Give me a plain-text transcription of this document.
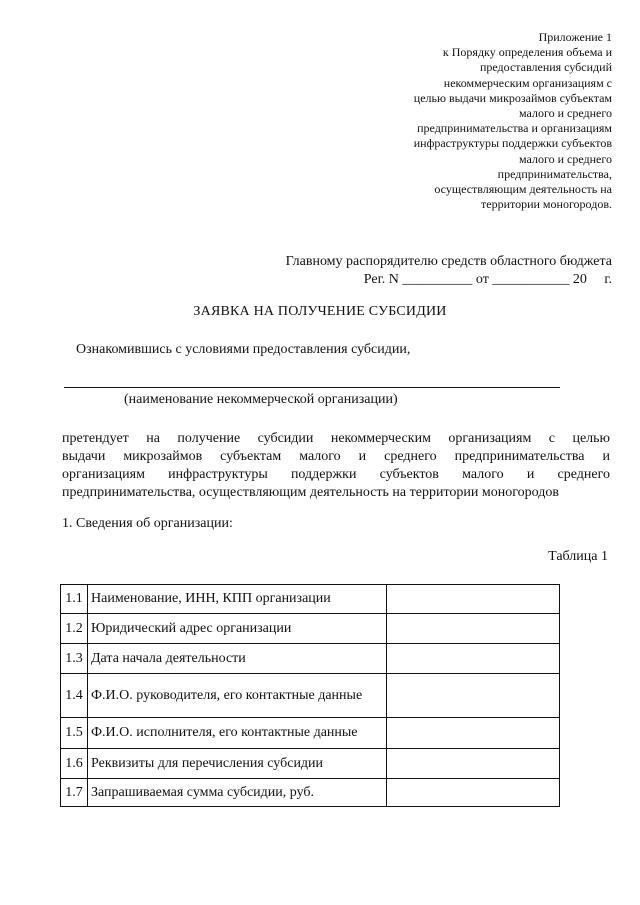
Приложение 1
к Порядку определения объема и
предоставления субсидий
некоммерческим организациям с
целью выдачи микрозаймов субъектам
малого и среднего
предпринимательства и организациям
инфраструктуры поддержки субъектов
малого и среднего
предпринимательства,
осуществляющим деятельность на
территории моногородов.
Главному распорядителю средств областного бюджета
Рег. N __________ от ___________ 20 г.
ЗАЯВКА НА ПОЛУЧЕНИЕ СУБСИДИИ
Ознакомившись с условиями предоставления субсидии,
(наименование некоммерческой организации)
претендует на получение субсидии некоммерческим организациям с целью
выдачи микрозаймов субъектам малого и среднего предпринимательства и
организациям инфраструктуры поддержки субъектов малого и среднего
предпринимательства, осуществляющим деятельность на территории моногородов
1. Сведения об организации:
Таблица 1
1.1	Наименование, ИНН, КПП организации	
1.2	Юридический адрес организации	
1.3	Дата начала деятельности	
1.4	Ф.И.О. руководителя, его контактные данные	
1.5	Ф.И.О. исполнителя, его контактные данные	
1.6	Реквизиты для перечисления субсидии	
1.7	Запрашиваемая сумма субсидии, руб.	
